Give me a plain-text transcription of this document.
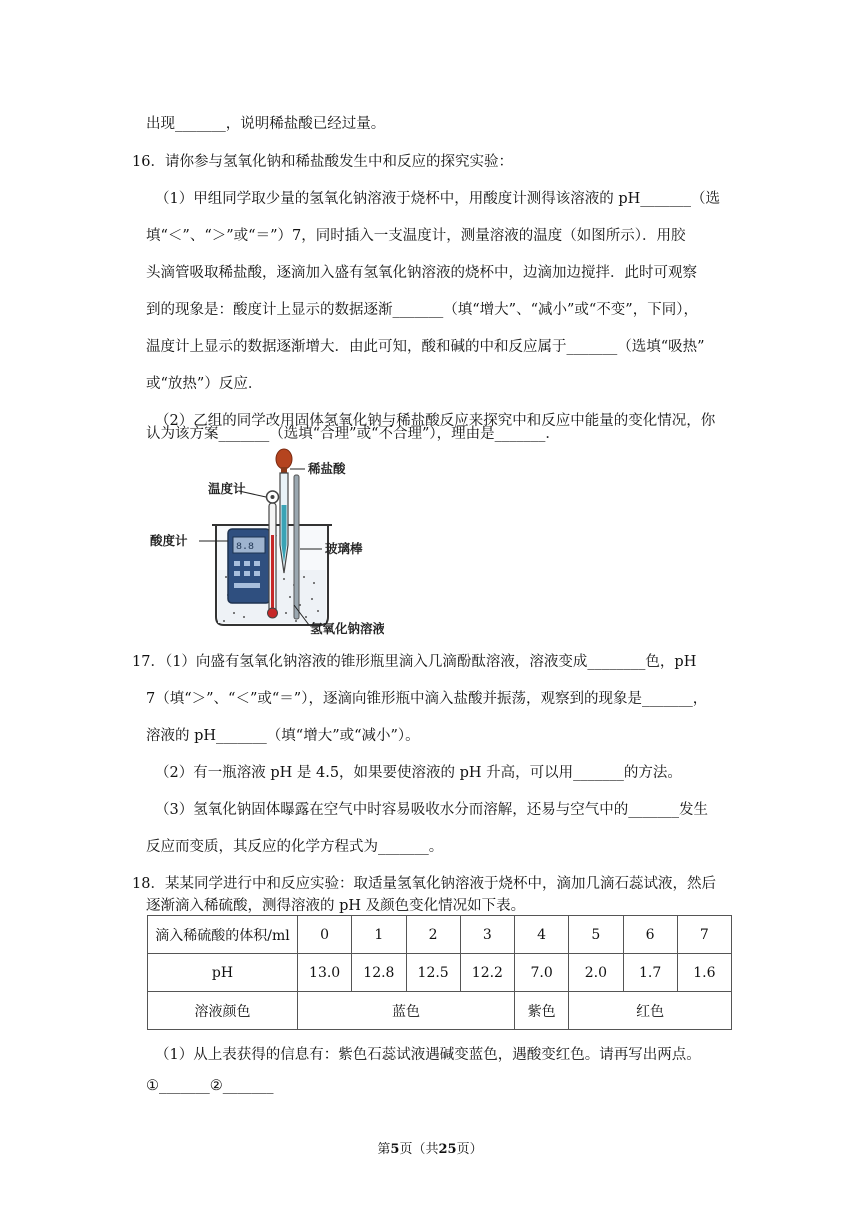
出现_______，说明稀盐酸已经过量。
16．请你参与氢氧化钠和稀盐酸发生中和反应的探究实验：
（1）甲组同学取少量的氢氧化钠溶液于烧杯中，用酸度计测得该溶液的 pH_______（选
填“＜”、“＞”或“＝”）7，同时插入一支温度计，测量溶液的温度（如图所示）．用胶
头滴管吸取稀盐酸，逐滴加入盛有氢氧化钠溶液的烧杯中，边滴加边搅拌．此时可观察
到的现象是：酸度计上显示的数据逐渐_______（填“增大”、“减小”或“不变”，下同），
温度计上显示的数据逐渐增大．由此可知，酸和碱的中和反应属于_______（选填“吸热”
或“放热”）反应．
（2）乙组的同学改用固体氢氧化钠与稀盐酸反应来探究中和反应中能量的变化情况，你
温度计
稀盐酸
酸度计
玻璃棒
氢氧化钠溶液
8.8
17．（1）向盛有氢氧化钠溶液的锥形瓶里滴入几滴酚酞溶液，溶液变成________色，pH
7（填“＞”、“＜”或“＝”），逐滴向锥形瓶中滴入盐酸并振荡，观察到的现象是_______，
溶液的 pH_______（填“增大”或“减小”）。
（2）有一瓶溶液 pH 是 4.5，如果要使溶液的 pH 升高，可以用_______的方法。
（3）氢氧化钠固体曝露在空气中时容易吸收水分而溶解，还易与空气中的_______发生
反应而变质，其反应的化学方程式为_______。
18．某某同学进行中和反应实验：取适量氢氧化钠溶液于烧杯中，滴加几滴石蕊试液，然后
滴入稀硫酸的体积/ml	0	1	2	3	4	5	6	7
pH	13.0	12.8	12.5	12.2	7.0	2.0	1.7	1.6
溶液颜色	蓝色				紫色	红色		
（1）从上表获得的信息有：紫色石蕊试液遇碱变蓝色，遇酸变红色。请再写出两点。
①_______②_______
第5页（共25页）
认为该方案_______（选填“合理”或“不合理”），理由是_______．
逐渐滴入稀硫酸，测得溶液的 pH 及颜色变化情况如下表。
